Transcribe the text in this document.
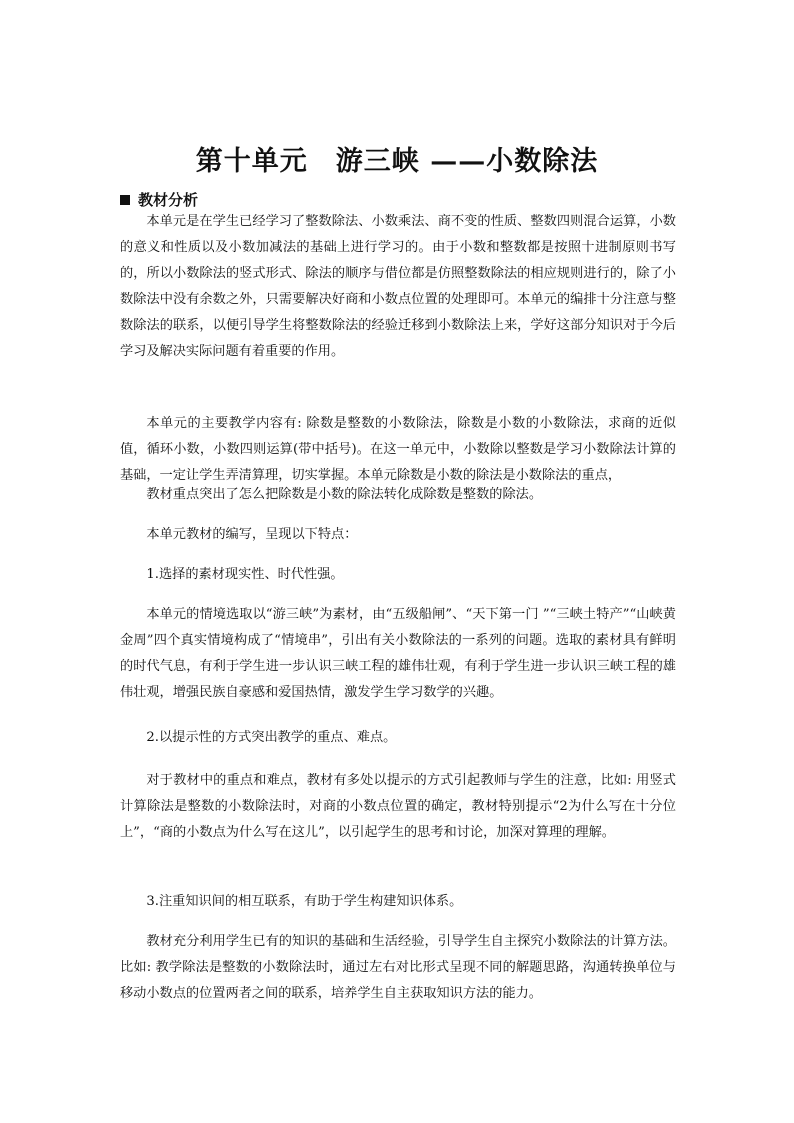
第十单元　游三峡 ——小数除法
教材分析

本单元是在学生已经学习了整数除法、小数乘法、商不变的性质、整数四则混合运算，小数的意义和性质以及小数加减法的基础上进行学习的。由于小数和整数都是按照十进制原则书写的，所以小数除法的竖式形式、除法的顺序与借位都是仿照整数除法的相应规则进行的，除了小数除法中没有余数之外，只需要解决好商和小数点位置的处理即可。本单元的编排十分注意与整数除法的联系，以便引导学生将整数除法的经验迁移到小数除法上来，学好这部分知识对于今后学习及解决实际问题有着重要的作用。

本单元的主要教学内容有: 除数是整数的小数除法，除数是小数的小数除法，求商的近似值，循环小数，小数四则运算(带中括号)。在这一单元中，小数除以整数是学习小数除法计算的基础，一定让学生弄清算理，切实掌握。本单元除数是小数的除法是小数除法的重点，

教材重点突出了怎么把除数是小数的除法转化成除数是整数的除法。

本单元教材的编写，呈现以下特点：

1.选择的素材现实性、时代性强。

本单元的情境选取以“游三峡”为素材，由“五级船闸”、“天下第一门 ”“三峡土特产”“山峡黄金周”四个真实情境构成了“情境串”，引出有关小数除法的一系列的问题。选取的素材具有鲜明的时代气息，有利于学生进一步认识三峡工程的雄伟壮观，有利于学生进一步认识三峡工程的雄伟壮观，增强民族自豪感和爱国热情，激发学生学习数学的兴趣。

2.以提示性的方式突出教学的重点、难点。

对于教材中的重点和难点，教材有多处以提示的方式引起教师与学生的注意，比如: 用竖式计算除法是整数的小数除法时，对商的小数点位置的确定，教材特别提示“2为什么写在十分位上”，“商的小数点为什么写在这儿”，以引起学生的思考和讨论，加深对算理的理解。

3.注重知识间的相互联系，有助于学生构建知识体系。

教材充分利用学生已有的知识的基础和生活经验，引导学生自主探究小数除法的计算方法。比如: 教学除法是整数的小数除法时，通过左右对比形式呈现不同的解题思路，沟通转换单位与移动小数点的位置两者之间的联系，培养学生自主获取知识方法的能力。
